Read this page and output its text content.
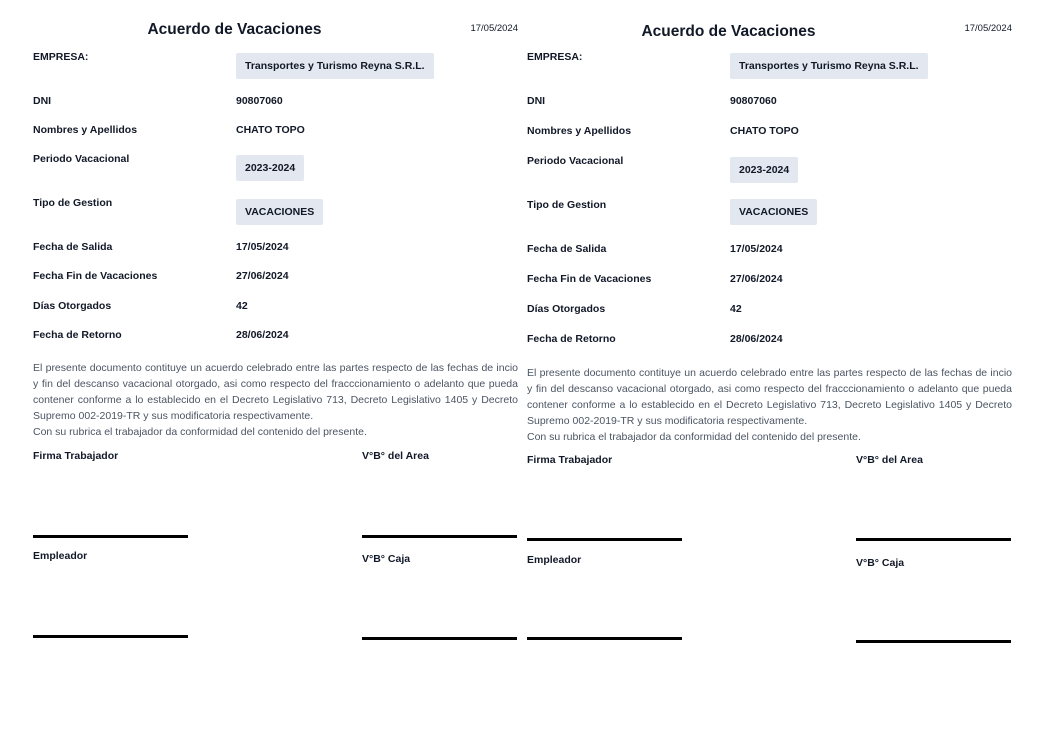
Acuerdo de Vacaciones	17/05/2024
EMPRESA:
Transportes y Turismo Reyna S.R.L.
DNI	90807060
Nombres y Apellidos	CHATO TOPO
Periodo Vacacional
2023-2024
Tipo de Gestion
VACACIONES
Fecha de Salida	17/05/2024
Fecha Fin de Vacaciones	27/06/2024
Días Otorgados	42
Fecha de Retorno	28/06/2024

El presente documento contituye un acuerdo celebrado entre las partes respecto de las fechas de incio y fin del descanso vacacional otorgado, asi como respecto del fracccionamiento o adelanto que pueda contener conforme a lo establecido en el Decreto Legislativo 713, Decreto Legislativo 1405 y Decreto Supremo 002-2019-TR y sus modificatoria respectivamente.

Con su rubrica el trabajador da conformidad del contenido del presente.

Firma Trabajador	V°B° del Area
Empleador	V°B° Caja
Acuerdo de Vacaciones	17/05/2024
EMPRESA:
Transportes y Turismo Reyna S.R.L.
DNI	90807060
Nombres y Apellidos	CHATO TOPO
Periodo Vacacional
2023-2024
Tipo de Gestion
VACACIONES
Fecha de Salida	17/05/2024
Fecha Fin de Vacaciones	27/06/2024
Días Otorgados	42
Fecha de Retorno	28/06/2024

El presente documento contituye un acuerdo celebrado entre las partes respecto de las fechas de incio y fin del descanso vacacional otorgado, asi como respecto del fracccionamiento o adelanto que pueda contener conforme a lo establecido en el Decreto Legislativo 713, Decreto Legislativo 1405 y Decreto Supremo 002-2019-TR y sus modificatoria respectivamente.

Con su rubrica el trabajador da conformidad del contenido del presente.

Firma Trabajador	V°B° del Area
Empleador	V°B° Caja
